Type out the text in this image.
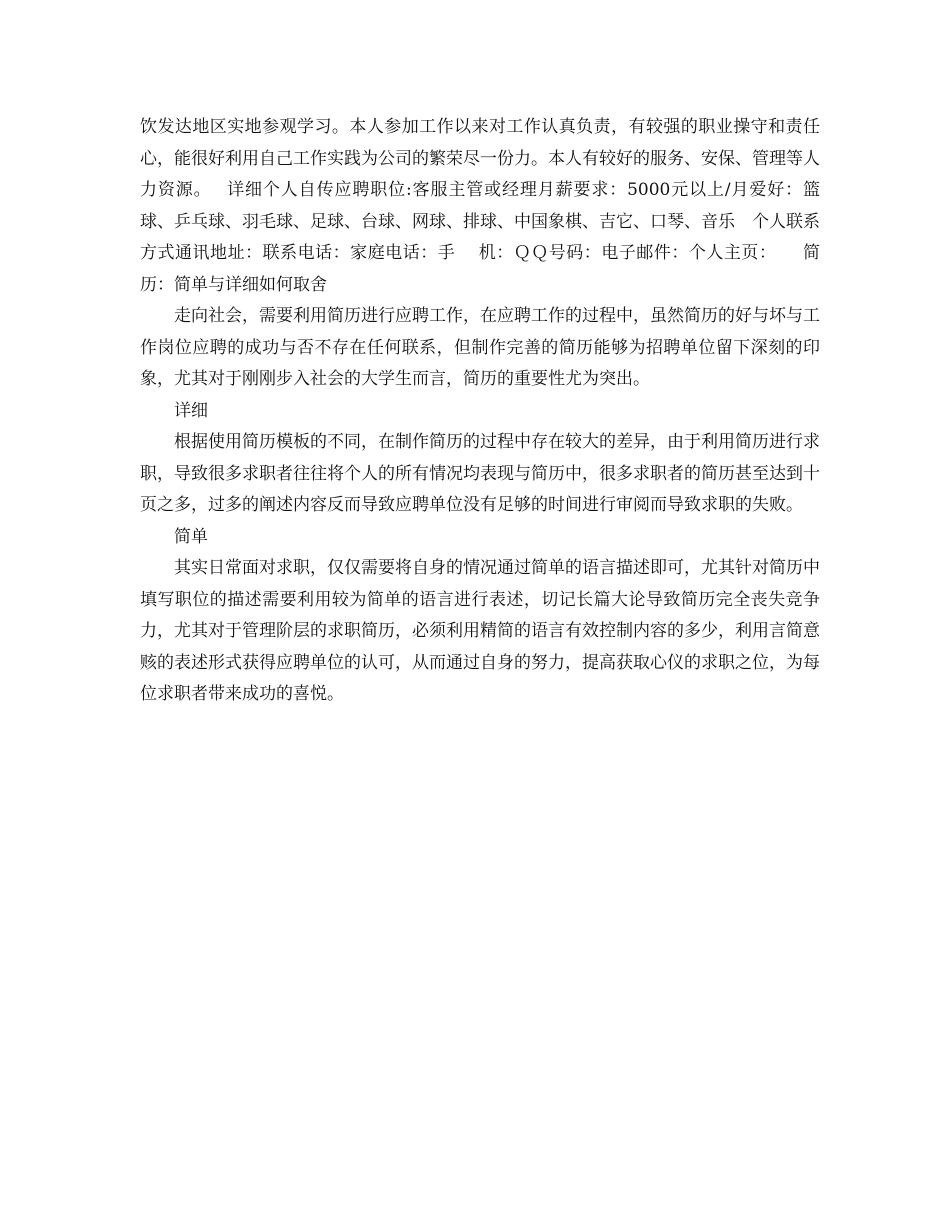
饮发达地区实地参观学习。本人参加工作以来对工作认真负责，有较强的职业操守和责任心，能很好利用自己工作实践为公司的繁荣尽一份力。本人有较好的服务、安保、管理等人力资源。　 详细个人自传应聘职位:客服主管或经理月薪要求：5000元以上/月爱好：篮球、乒乓球、羽毛球、足球、台球、网球、排球、中国象棋、吉它、口琴、音乐　个人联系方式通讯地址：联系电话：家庭电话：手　 机：ＱＱ号码：电子邮件：个人主页：　　简历：简单与详细如何取舍

走向社会，需要利用简历进行应聘工作，在应聘工作的过程中，虽然简历的好与坏与工作岗位应聘的成功与否不存在任何联系，但制作完善的简历能够为招聘单位留下深刻的印象，尤其对于刚刚步入社会的大学生而言，简历的重要性尤为突出。

详细

根据使用简历模板的不同，在制作简历的过程中存在较大的差异，由于利用简历进行求职，导致很多求职者往往将个人的所有情况均表现与简历中，很多求职者的简历甚至达到十页之多，过多的阐述内容反而导致应聘单位没有足够的时间进行审阅而导致求职的失败。

简单

其实日常面对求职，仅仅需要将自身的情况通过简单的语言描述即可，尤其针对简历中填写职位的描述需要利用较为简单的语言进行表述，切记长篇大论导致简历完全丧失竞争力，尤其对于管理阶层的求职简历，必须利用精简的语言有效控制内容的多少，利用言简意赅的表述形式获得应聘单位的认可，从而通过自身的努力，提高获取心仪的求职之位，为每位求职者带来成功的喜悦。
